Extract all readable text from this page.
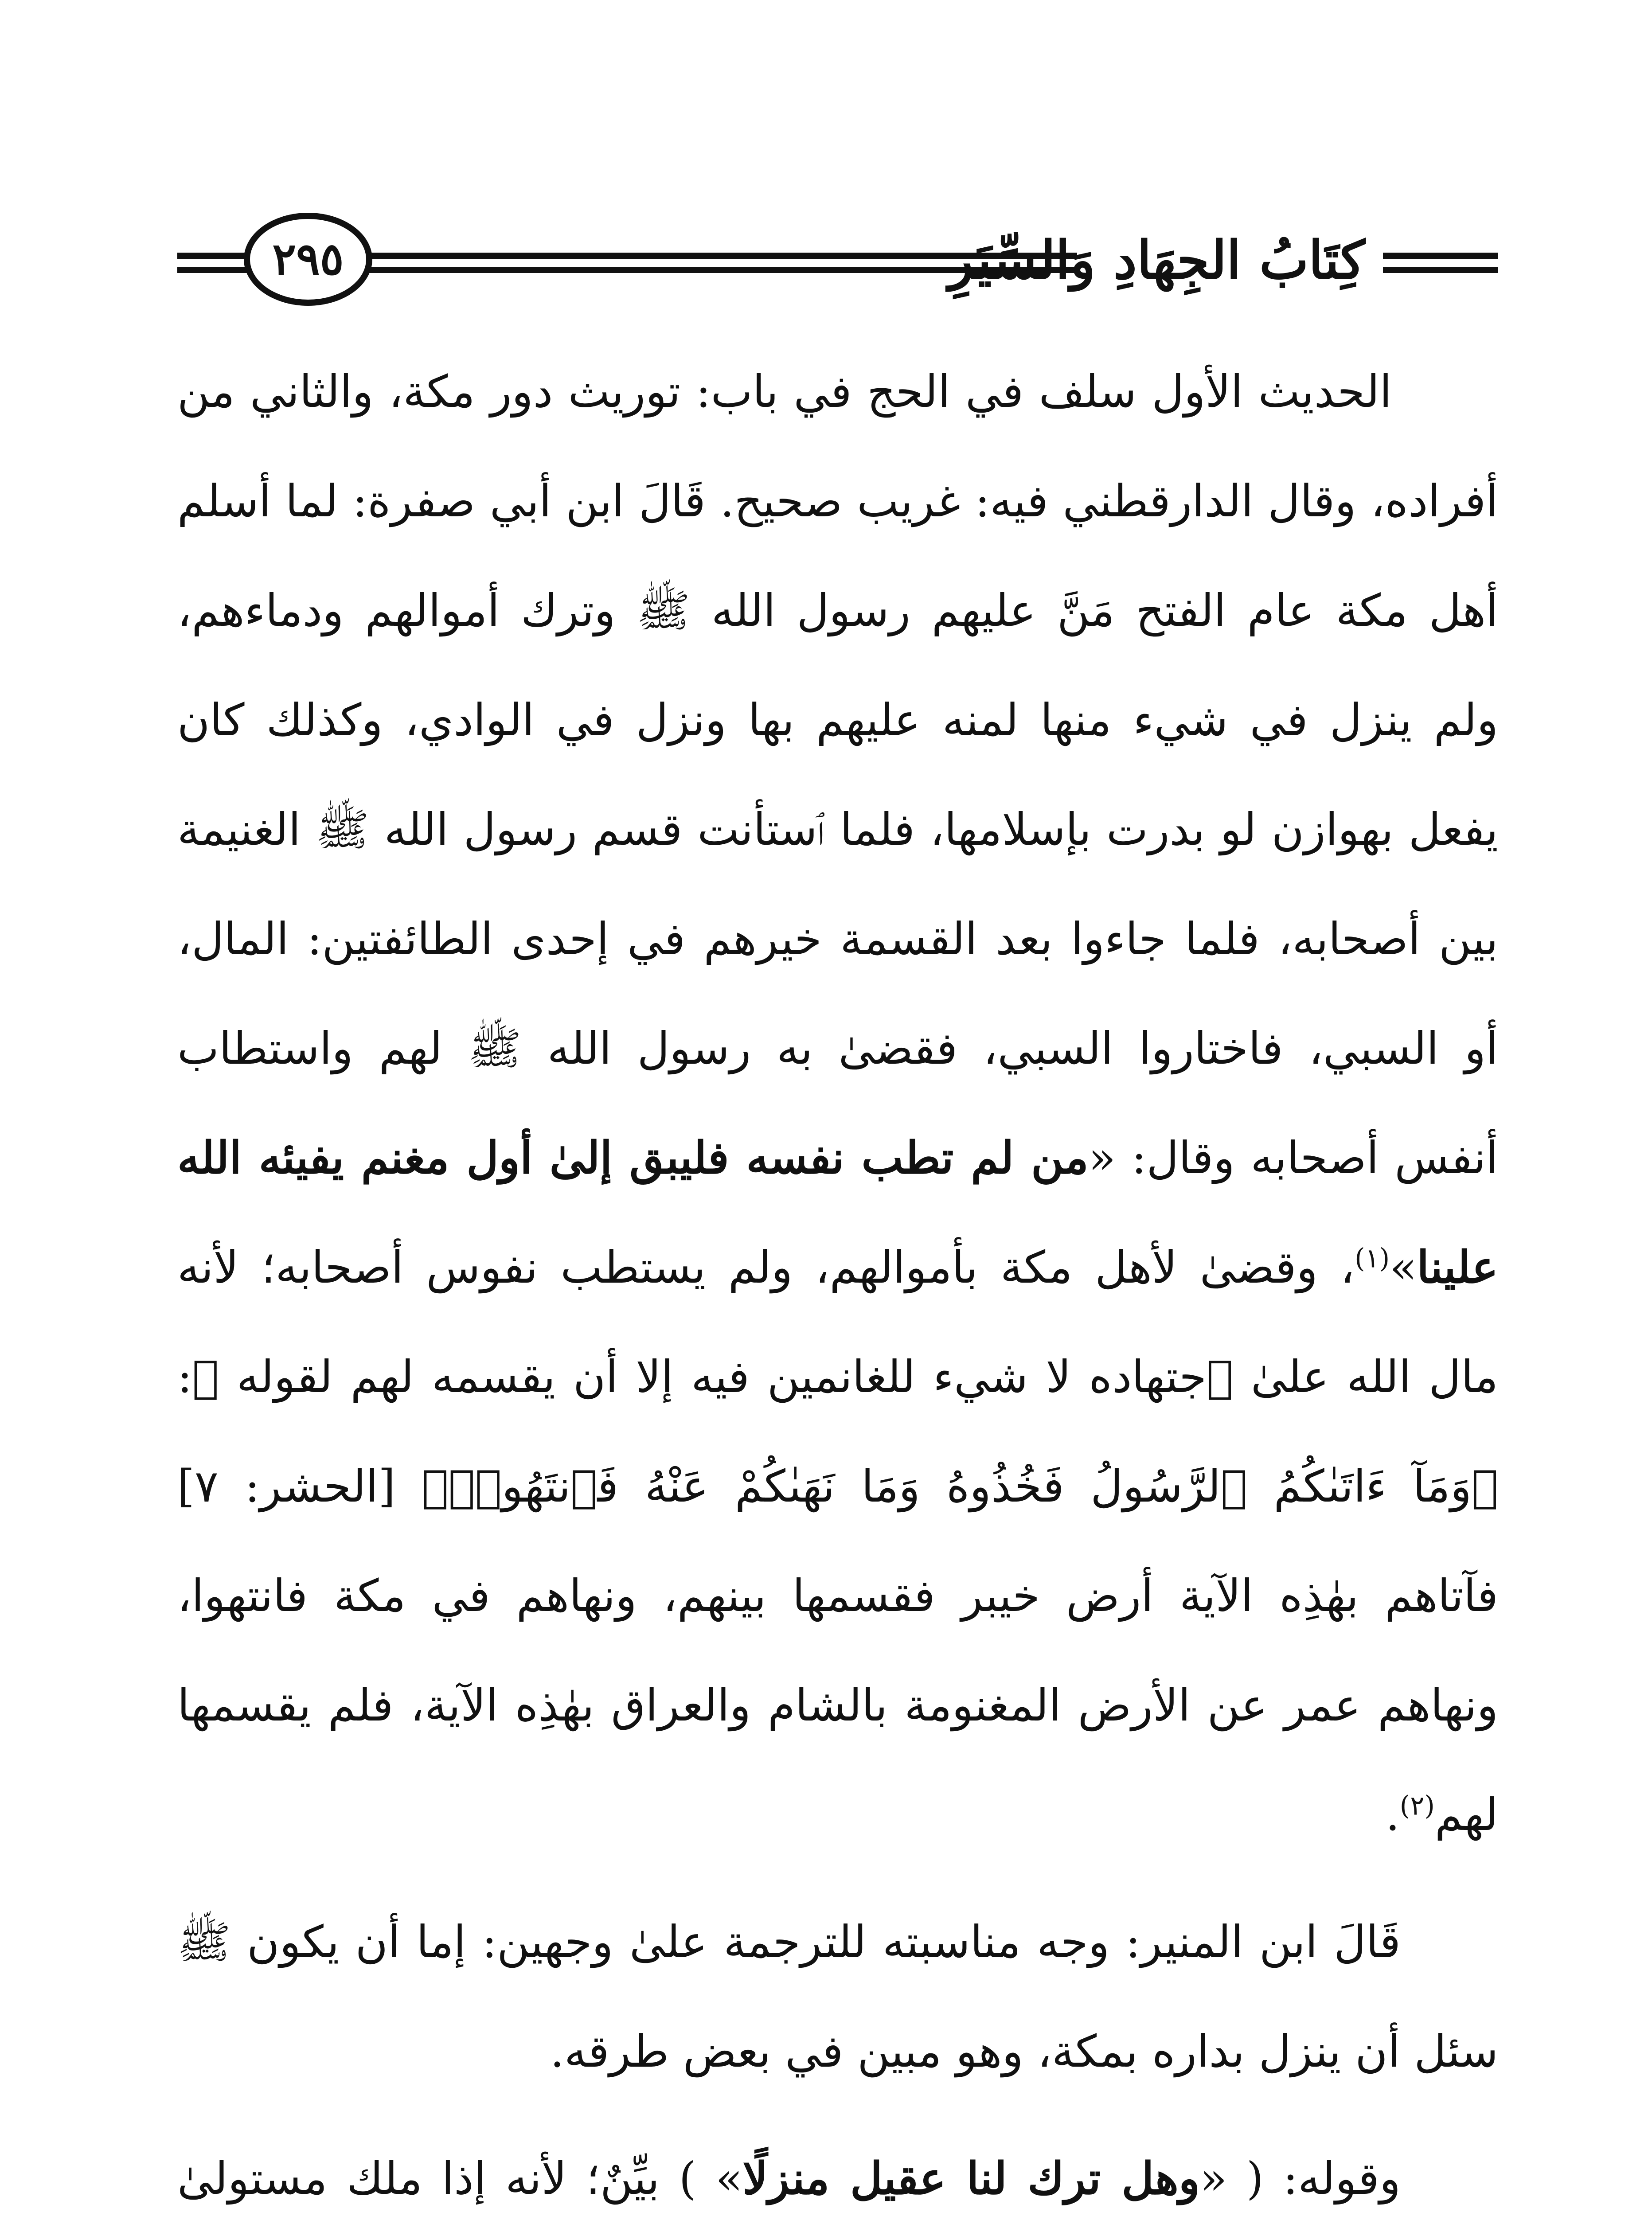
كِتَابُ الجِهَادِ وَالسِّيَرِ
٢٩٥

الحديث الأول سلف في الحج في باب: توريث دور مكة، والثاني من أفراده، وقال الدارقطني فيه: غريب صحيح. قَالَ ابن أبي صفرة: لما أسلم أهل مكة عام الفتح مَنَّ عليهم رسول الله ﷺ وترك أموالهم ودماءهم، ولم ينزل في شيء منها لمنه عليهم بها ونزل في الوادي، وكذلك كان يفعل بهوازن لو بدرت بإسلامها، فلما ٱستأنت قسم رسول الله ﷺ الغنيمة بين أصحابه، فلما جاءوا بعد القسمة خيرهم في إحدى الطائفتين: المال، أو السبي، فاختاروا السبي، فقضىٰ به رسول الله ﷺ لهم واستطاب أنفس أصحابه وقال: «من لم تطب نفسه فليبق إلىٰ أول مغنم يفيئه الله علينا»$^{(١)}$، وقضىٰ لأهل مكة بأموالهم، ولم يستطب نفوس أصحابه؛ لأنه مال الله علىٰ ٱجتهاده لا شيء للغانمين فيه إلا أن يقسمه لهم لقوله ﷻ: ﴿وَمَآ ءَاتَىٰكُمُ ٱلرَّسُولُ فَخُذُوهُ وَمَا نَهَىٰكُمْ عَنْهُ فَٱنتَهُوا۟﴾ [الحشر: ٧] فآتاهم بهٰذِه الآية أرض خيبر فقسمها بينهم، ونهاهم في مكة فانتهوا، ونهاهم عمر عن الأرض المغنومة بالشام والعراق بهٰذِه الآية، فلم يقسمها لهم$^{(٢)}$.

قَالَ ابن المنير: وجه مناسبته للترجمة علىٰ وجهين: إما أن يكون ﷺ سئل أن ينزل بداره بمكة، وهو مبين في بعض طرقه.

وقوله: ( «وهل ترك لنا عقيل منزلًا» ) بيِّنٌ؛ لأنه إذا ملك مستولىٰ
